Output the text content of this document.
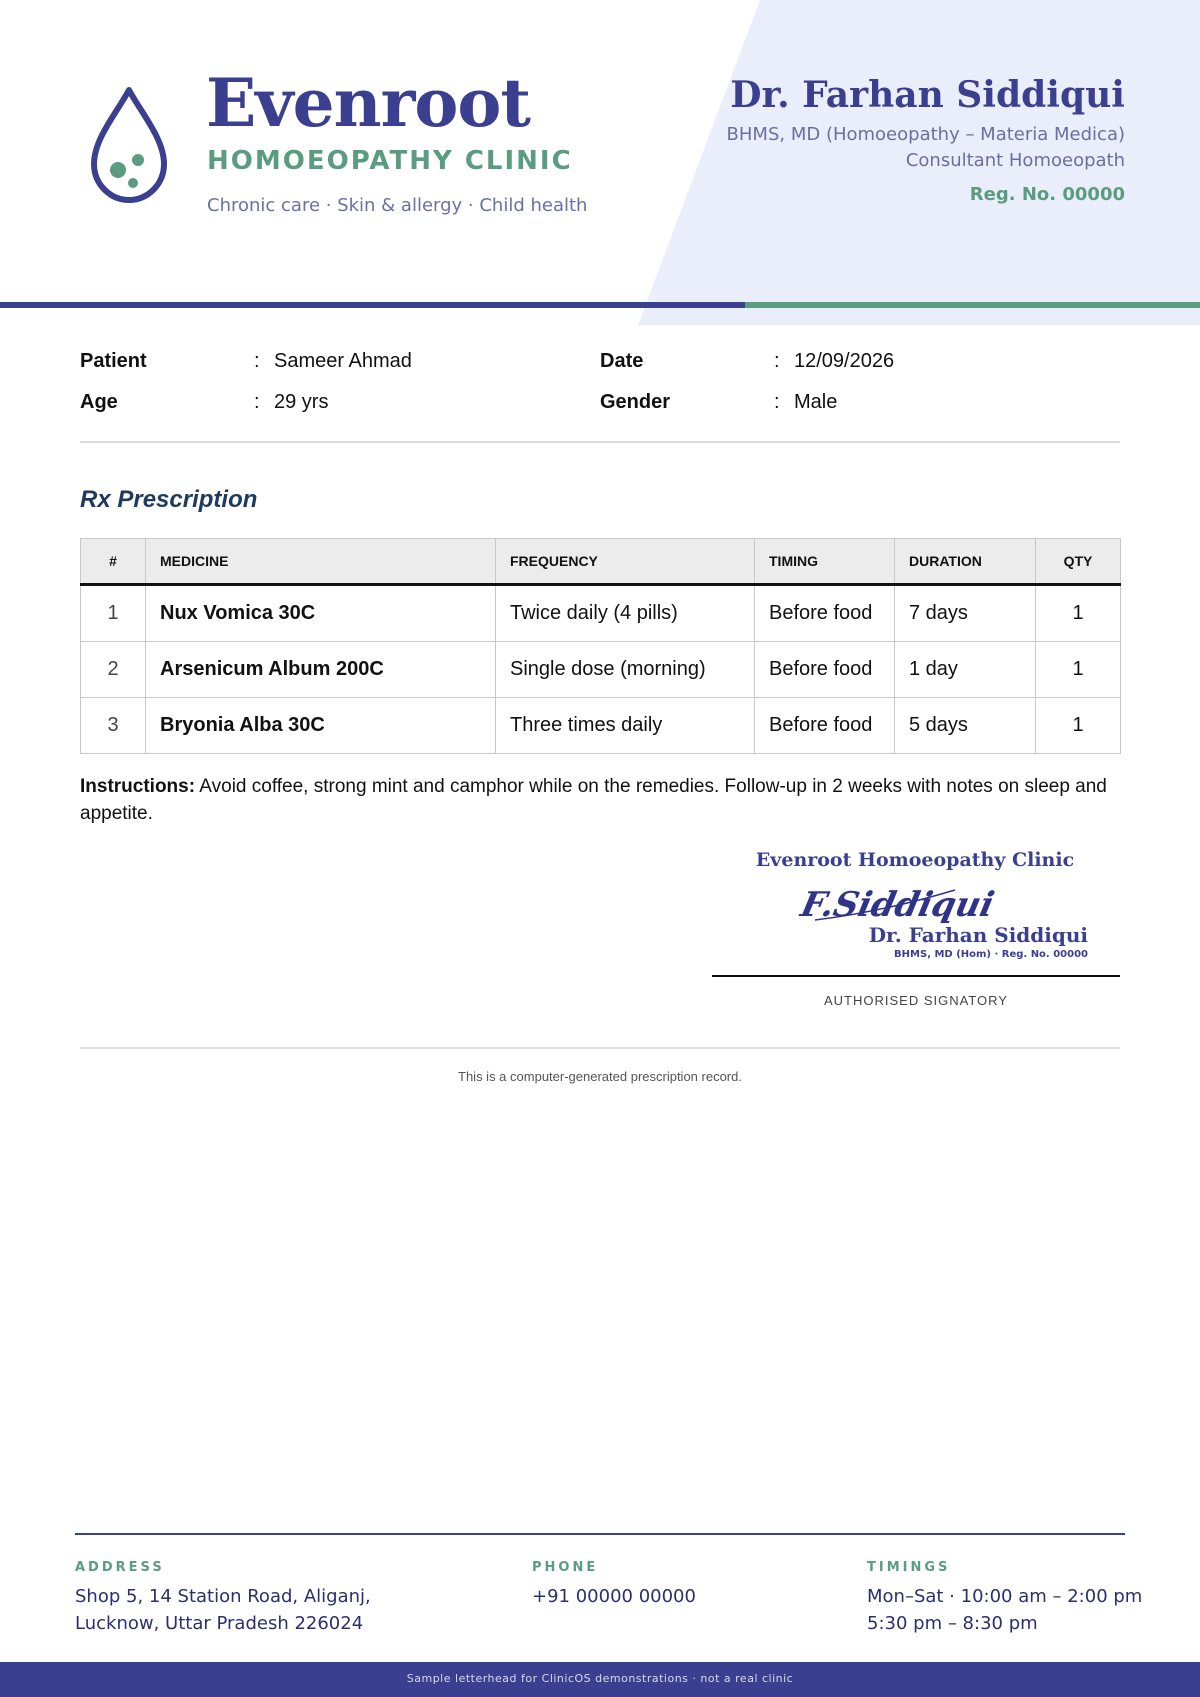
Evenroot
HOMOEOPATHY CLINIC
Chronic care · Skin & allergy · Child health
Dr. Farhan Siddiqui
BHMS, MD (Homoeopathy – Materia Medica)
Consultant Homoeopath
Reg. No. 00000
Patient	: Sameer Ahmad	Date	: 12/09/2026
Age	: 29 yrs	Gender	: Male
Rx Prescription
#	MEDICINE	FREQUENCY	TIMING	DURATION	QTY
1	Nux Vomica 30C	Twice daily (4 pills)	Before food	7 days	1
2	Arsenicum Album 200C	Single dose (morning)	Before food	1 day	1
3	Bryonia Alba 30C	Three times daily	Before food	5 days	1
Instructions: Avoid coffee, strong mint and camphor while on the remedies. Follow-up in 2 weeks with notes on sleep and appetite.
Evenroot Homoeopathy Clinic
F.Siddiqui
Dr. Farhan Siddiqui
BHMS, MD (Hom) · Reg. No. 00000
AUTHORISED SIGNATORY
This is a computer-generated prescription record.
ADDRESS
Shop 5, 14 Station Road, Aliganj,
Lucknow, Uttar Pradesh 226024
PHONE
+91 00000 00000
TIMINGS
Mon–Sat · 10:00 am – 2:00 pm
5:30 pm – 8:30 pm
Sample letterhead for ClinicOS demonstrations · not a real clinic
